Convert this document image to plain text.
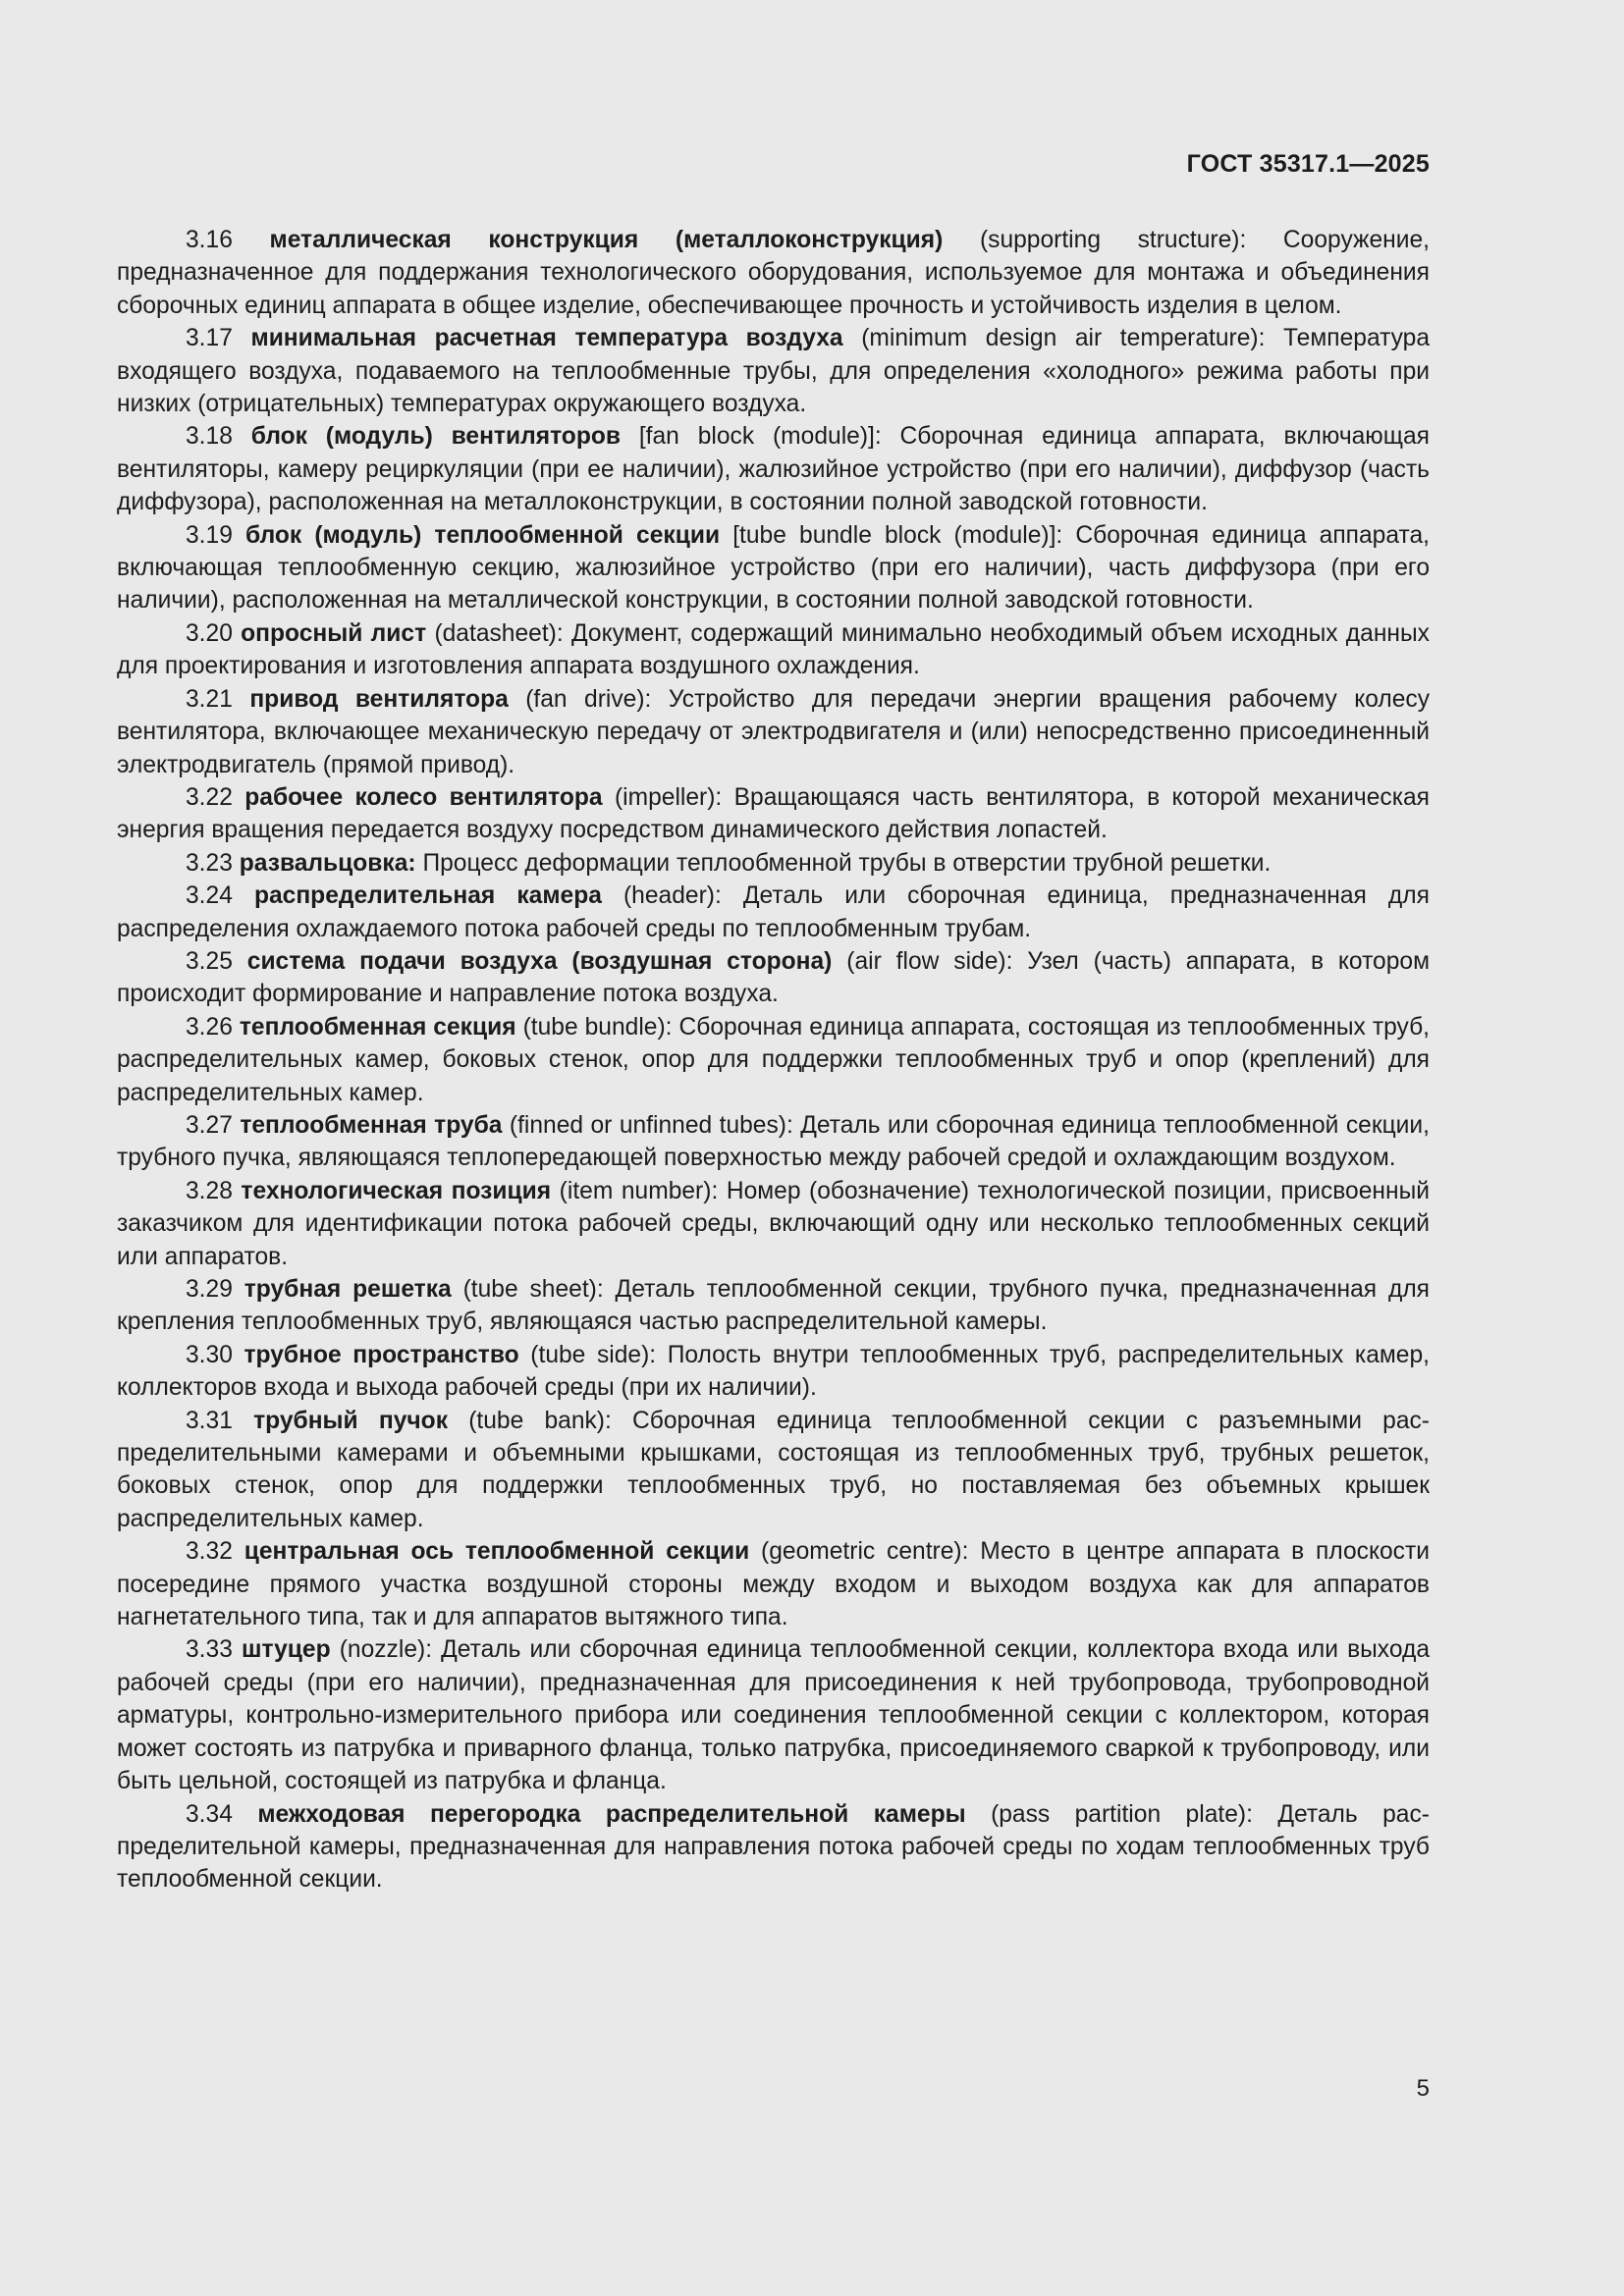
ГОСТ 35317.1—2025

3.16 металлическая конструкция (металлоконструкция) (supporting structure): Сооружение, предназначенное для поддержания технологического оборудования, используемое для монтажа и объединения сборочных единиц аппарата в общее изделие, обеспечивающее прочность и устойчивость изделия в целом.

3.17 минимальная расчетная температура воздуха (minimum design air temperature): Температура входящего воздуха, подаваемого на теплообменные трубы, для определения «холодного» режима работы при низких (отрицательных) температурах окружающего воздуха.

3.18 блок (модуль) вентиляторов [fan block (module)]: Сборочная единица аппарата, включающая вентиляторы, камеру рециркуляции (при ее наличии), жалюзийное устройство (при его наличии), диффузор (часть диффузора), расположенная на металлоконструкции, в состоянии полной заводской готовности.

3.19 блок (модуль) теплообменной секции [tube bundle block (module)]: Сборочная единица аппарата, включающая теплообменную секцию, жалюзийное устройство (при его наличии), часть диффузора (при его наличии), расположенная на металлической конструкции, в состоянии полной заводской готовности.

3.20 опросный лист (datasheet): Документ, содержащий минимально необходимый объем исходных данных для проектирования и изготовления аппарата воздушного охлаждения.

3.21 привод вентилятора (fan drive): Устройство для передачи энергии вращения рабочему колесу вентилятора, включающее механическую передачу от электродвигателя и (или) непосредственно присоединенный электродвигатель (прямой привод).

3.22 рабочее колесо вентилятора (impeller): Вращающаяся часть вентилятора, в которой механическая энергия вращения передается воздуху посредством динамического действия лопастей.

3.23 развальцовка: Процесс деформации теплообменной трубы в отверстии трубной решетки.

3.24 распределительная камера (header): Деталь или сборочная единица, предназначенная для распределения охлаждаемого потока рабочей среды по теплообменным трубам.

3.25 система подачи воздуха (воздушная сторона) (air flow side): Узел (часть) аппарата, в котором происходит формирование и направление потока воздуха.

3.26 теплообменная секция (tube bundle): Сборочная единица аппарата, состоящая из теплообменных труб, распределительных камер, боковых стенок, опор для поддержки теплообменных труб и опор (креплений) для распределительных камер.

3.27 теплообменная труба (finned or unfinned tubes): Деталь или сборочная единица теплообменной секции, трубного пучка, являющаяся теплопередающей поверхностью между рабочей средой и охлаждающим воздухом.

3.28 технологическая позиция (item number): Номер (обозначение) технологической позиции, присвоенный заказчиком для идентификации потока рабочей среды, включающий одну или несколько теплообменных секций или аппаратов.

3.29 трубная решетка (tube sheet): Деталь теплообменной секции, трубного пучка, предназначенная для крепления теплообменных труб, являющаяся частью распределительной камеры.

3.30 трубное пространство (tube side): Полость внутри теплообменных труб, распределительных камер, коллекторов входа и выхода рабочей среды (при их наличии).

3.31 трубный пучок (tube bank): Сборочная единица теплообменной секции с разъемными распределительными камерами и объемными крышками, состоящая из теплообменных труб, трубных решеток, боковых стенок, опор для поддержки теплообменных труб, но поставляемая без объемных крышек распределительных камер.

3.32 центральная ось теплообменной секции (geometric centre): Место в центре аппарата в плоскости посередине прямого участка воздушной стороны между входом и выходом воздуха как для аппаратов нагнетательного типа, так и для аппаратов вытяжного типа.

3.33 штуцер (nozzle): Деталь или сборочная единица теплообменной секции, коллектора входа или выхода рабочей среды (при его наличии), предназначенная для присоединения к ней трубопровода, трубопроводной арматуры, контрольно-измерительного прибора или соединения теплообменной секции с коллектором, которая может состоять из патрубка и приварного фланца, только патрубка, присоединяемого сваркой к трубопроводу, или быть цельной, состоящей из патрубка и фланца.

3.34 межходовая перегородка распределительной камеры (pass partition plate): Деталь распределительной камеры, предназначенная для направления потока рабочей среды по ходам теплообменных труб теплообменной секции.

5
